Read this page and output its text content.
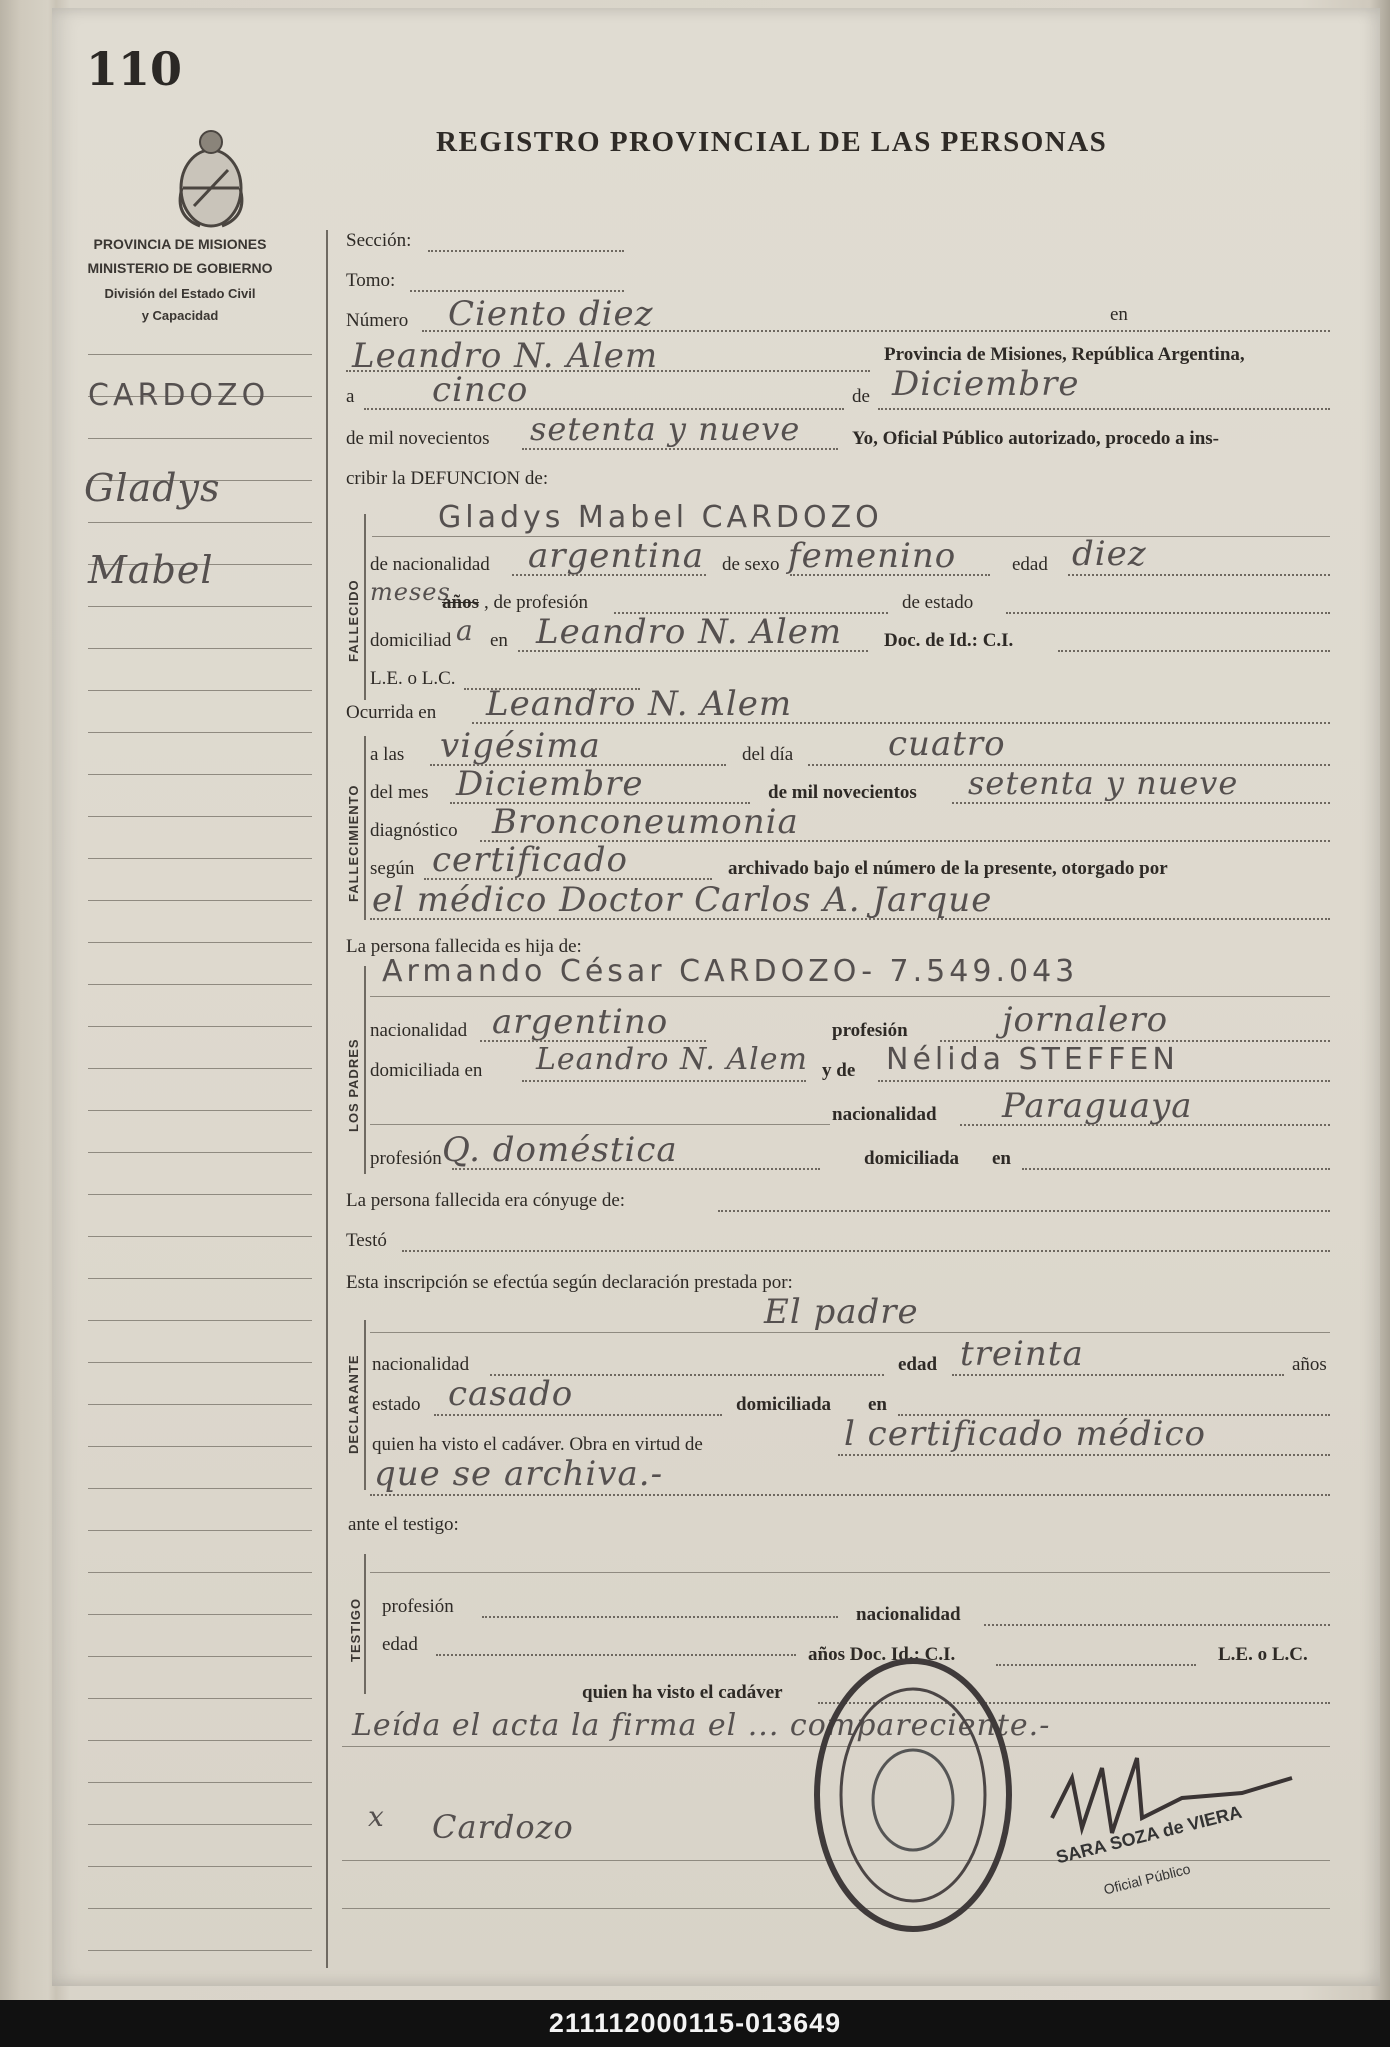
110
PROVINCIA DE MISIONES
MINISTERIO DE GOBIERNO
División del Estado Civil
y Capacidad
REGISTRO PROVINCIAL DE LAS PERSONAS
CARDOZO
Gladys
Mabel
Sección:
Tomo:
Número Ciento diez	en
Leandro N. Alem	Provincia de Misiones, República Argentina,
a cinco	de Diciembre
de mil novecientos setenta y nueve	Yo, Oficial Público autorizado, procedo a ins-
cribir la DEFUNCION de:
FALLECIDO
Gladys Mabel CARDOZO
de nacionalidad argentina de sexo femenino	edad diez
meses
años , de profesión	de estado
domiciliad a en Leandro N. Alem Doc. de Id.: C.I.
L.E. o L.C.
Ocurrida en Leandro N. Alem
FALLECIMIENTO
a las vigésima	del día	cuatro
del mes Diciembre	de mil novecientos setenta y nueve
diagnóstico Bronconeumonia
según certificado	archivado bajo el número de la presente, otorgado por
el médico Doctor Carlos A. Jarque
La persona fallecida es hija de:
LOS PADRES
Armando César CARDOZO- 7.549.043
nacionalidad argentino	profesión	jornalero
domiciliada en Leandro N. Alem y de Nélida STEFFEN
nacionalidad Paraguaya
profesión Q. doméstica	domiciliada en
La persona fallecida era cónyuge de:
Testó
Esta inscripción se efectúa según declaración prestada por:
DECLARANTE
El padre
nacionalidad	edad treinta	años
estado casado	domiciliada en
quien ha visto el cadáver. Obra en virtud de	l certificado médico
que se archiva.-
ante el testigo:
TESTIGO profesión	nacionalidad
edad	años Doc. Id.: C.I.	L.E. o L.C.
quien ha visto el cadáver
Leída el acta la firma el ... compareciente.-
x Cardozo	SARA SOZA de VIERA
Oficial Público
211112000115-013649
